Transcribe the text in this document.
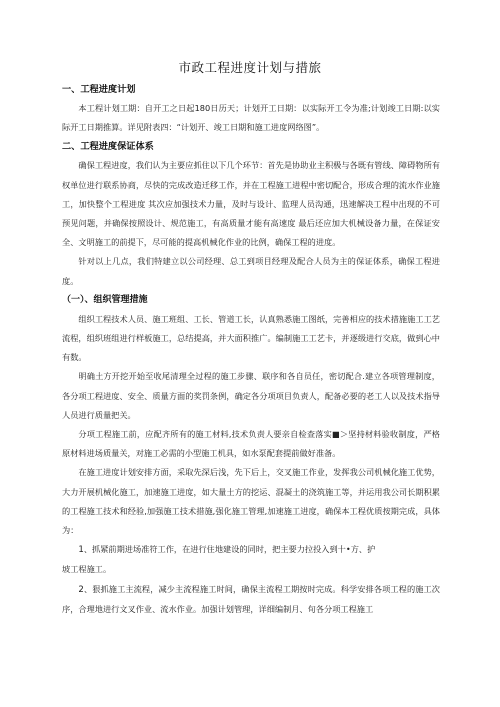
市政工程进度计划与措旅

一、工程进度计划

本工程计划工期：自开工之日起180日历天；计划开工日期：以实际开工令为准;计划竣工日期:以实际开工日期推算。详见附表四：“计划开、竣工日期和施工进度网络图”。

二、工程进度保证体系

确保工程进度，我们认为主要应抓住以下几个环节：首先是协助业主积极与各既有管线、障碍物所有权单位进行联系协商，尽快的完成改造迁移工作，并在工程施工进程中密切配合，形成合理的流水作业施工，加快整个工程进度 其次应加强技术力量，及时与设计、监理人员沟通，迅速解决工程中出现的不可预见问题，并确保按照设计、规范施工，有高质量才能有高速度 最后还应加大机械设备力量，在保证安全、文明施工的前提下，尽可能的提高机械化作业的比例，确保工程的进度。

针对以上几点，我们特建立以公司经理、总工到项目经理及配合人员为主的保证体系，确保工程进度。

（一）、组织管理措施

组织工程技术人员、施工班组、工长、管道工长，认真熟悉施工图纸，完善相应的技术措施施工工艺流程，组织班组进行样板施工，总结提高，并大面积推广。编制施工工艺卡，并逐级进行交底，做到心中有数。

明确土方开挖开始至收尾清理全过程的施工步骤、联序和各自员任，密切配合.建立各项管理制度，各分项工程进度、安全、质量方面的奖罚条例，确定各分项项目负责人，配备必要的老工人以及技术指导人员进行质量把关。

分项工程施工前，应配齐所有的施工材料,技术负责人要亲自检查落实■＞坚持材料验收制度，严格原材料进场质量关，对施工必需的小型施工机具，如水泵配套提前做好准备。

在施工进度计划安排方面，采取先深后浅，先下后上，交叉施工作业，发挥我公司机械化施工优势，大力开展机械化施工，加速施工进度，如大量土方的挖运、混凝土的浇筑施工等，并运用我公司长期积累的工程施工技术和经验,加强施工技术措施,强化施工管理,加速施工进度，确保本工程优质按期完成，具体为：

1、抓紧前期进场准符工作，在进行住地建设的同时，把主要力拉投入到十•方、护

坡工程施工。

2、狠抓施工主流程，减少主流程施工时间，确保主流程工期按时完成。科学安排各项工程的施工次序，合理地进行文叉作业、流水作业。加强计划管理，详细编制月、旬各分项工程施工
